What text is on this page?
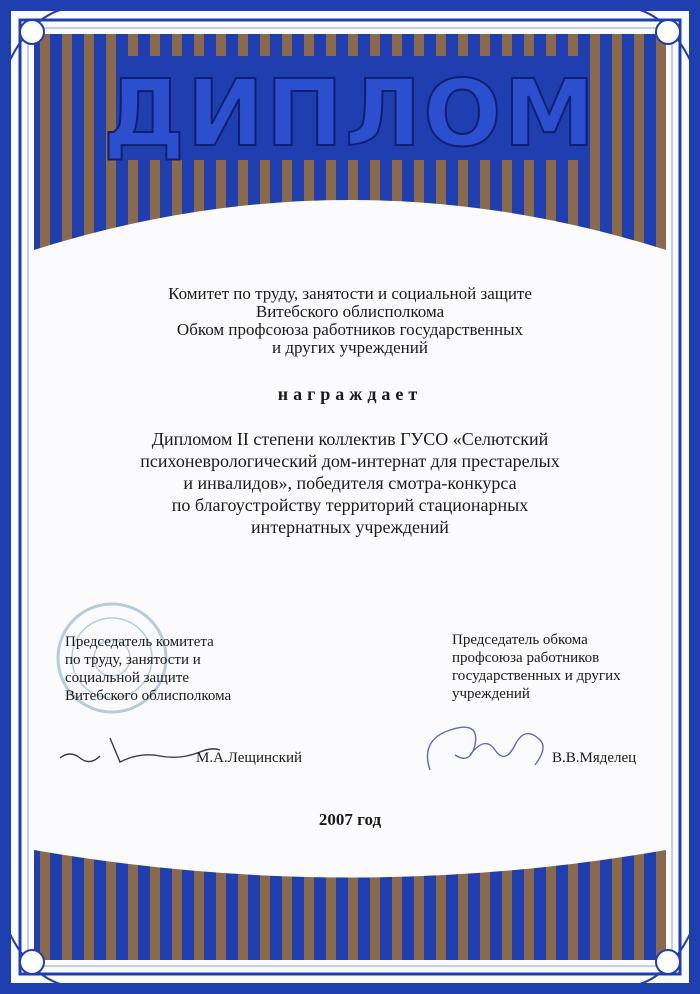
ДИПЛОМ
Комитет по труду, занятости и социальной защите
Витебского облисполкома
Обком профсоюза работников государственных
и других учреждений
награждает
Дипломом II степени коллектив ГУСО «Селютский
психоневрологический дом-интернат для престарелых
и инвалидов», победителя смотра-конкурса
по благоустройству территорий стационарных
интернатных учреждений
Председатель комитета
по труду, занятости и
социальной защите
Витебского облисполкома
Председатель обкома
профсоюза работников
государственных и других
учреждений
М.А.Лещинский	В.В.Мяделец
2007 год
